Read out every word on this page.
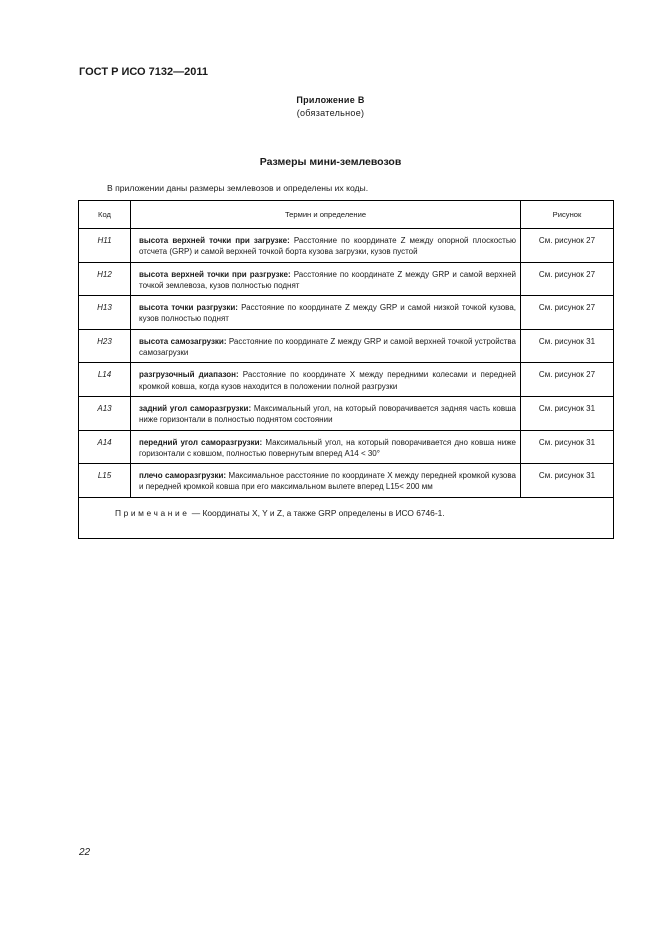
ГОСТ Р ИСО 7132—2011
Приложение В
(обязательное)
Размеры мини-землевозов
В приложении даны размеры землевозов и определены их коды.
Код	Термин и определение	Рисунок
H11	высота верхней точки при загрузке: Расстояние по координате Z между опорной плоскостью отсчета (GRP) и самой верхней точкой борта кузова загрузки, кузов пустой	См. рисунок 27
H12	высота верхней точки при разгрузке: Расстояние по координате Z между GRP и самой верхней точкой землевоза, кузов полностью поднят	См. рисунок 27
H13	высота точки разгрузки: Расстояние по координате Z между GRP и самой низкой точкой кузова, кузов полностью поднят	См. рисунок 27
H23	высота самозагрузки: Расстояние по координате Z между GRP и самой верхней точкой устройства самозагрузки	См. рисунок 31
L14	разгрузочный диапазон: Расстояние по координате X между передними колесами и передней кромкой ковша, когда кузов находится в положении полной разгрузки	См. рисунок 27
A13	задний угол саморазгрузки: Максимальный угол, на который поворачивается задняя часть ковша ниже горизонтали в полностью поднятом состоянии	См. рисунок 31
A14	передний угол саморазгрузки: Максимальный угол, на который поворачивается дно ковша ниже горизонтали с ковшом, полностью повернутым вперед A14 < 30°	См. рисунок 31
L15	плечо саморазгрузки: Максимальное расстояние по координате X между передней кромкой кузова и передней кромкой ковша при его максимальном вылете вперед L15< 200 мм	См. рисунок 31
Примечание — Координаты X, Y и Z, а также GRP определены в ИСО 6746-1.		
22
